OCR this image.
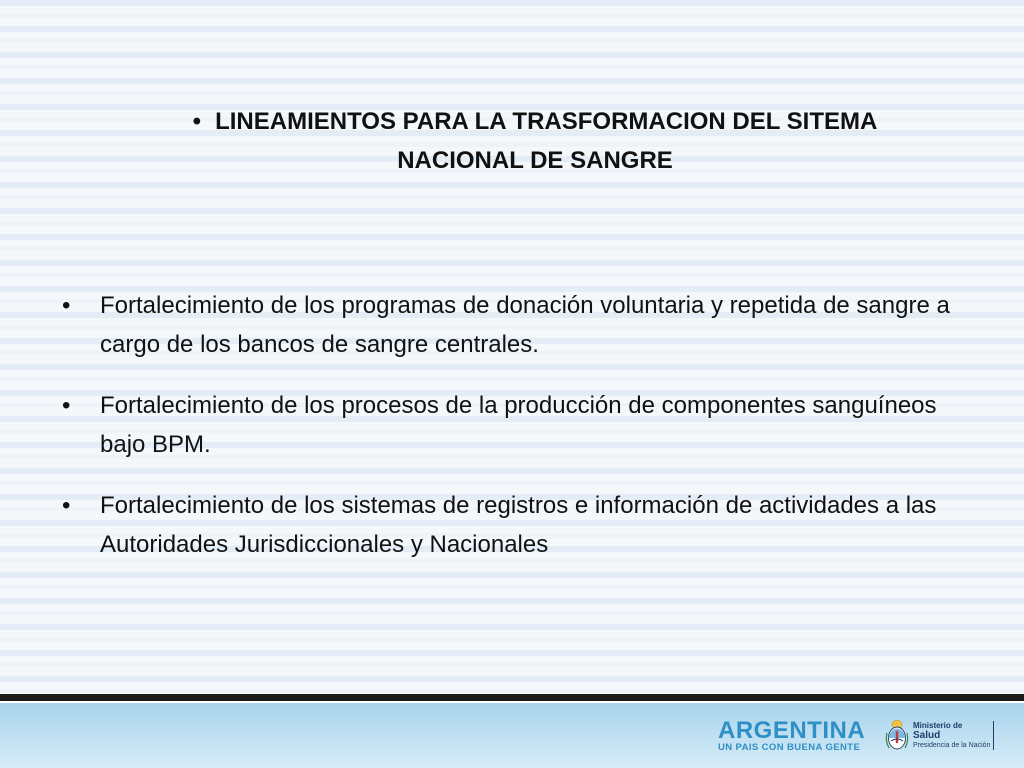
• LINEAMIENTOS PARA LA TRASFORMACION DEL SITEMA
NACIONAL DE SANGRE
• Fortalecimiento de los programas de donación voluntaria y repetida de sangre a cargo de los bancos de sangre centrales.
• Fortalecimiento de los procesos de la producción de componentes sanguíneos bajo BPM.
• Fortalecimiento de los sistemas de registros e información de actividades a las Autoridades Jurisdiccionales y Nacionales
ARGENTINA
UN PAIS CON BUENA GENTE
Ministerio de
Salud
Presidencia de la Nación
